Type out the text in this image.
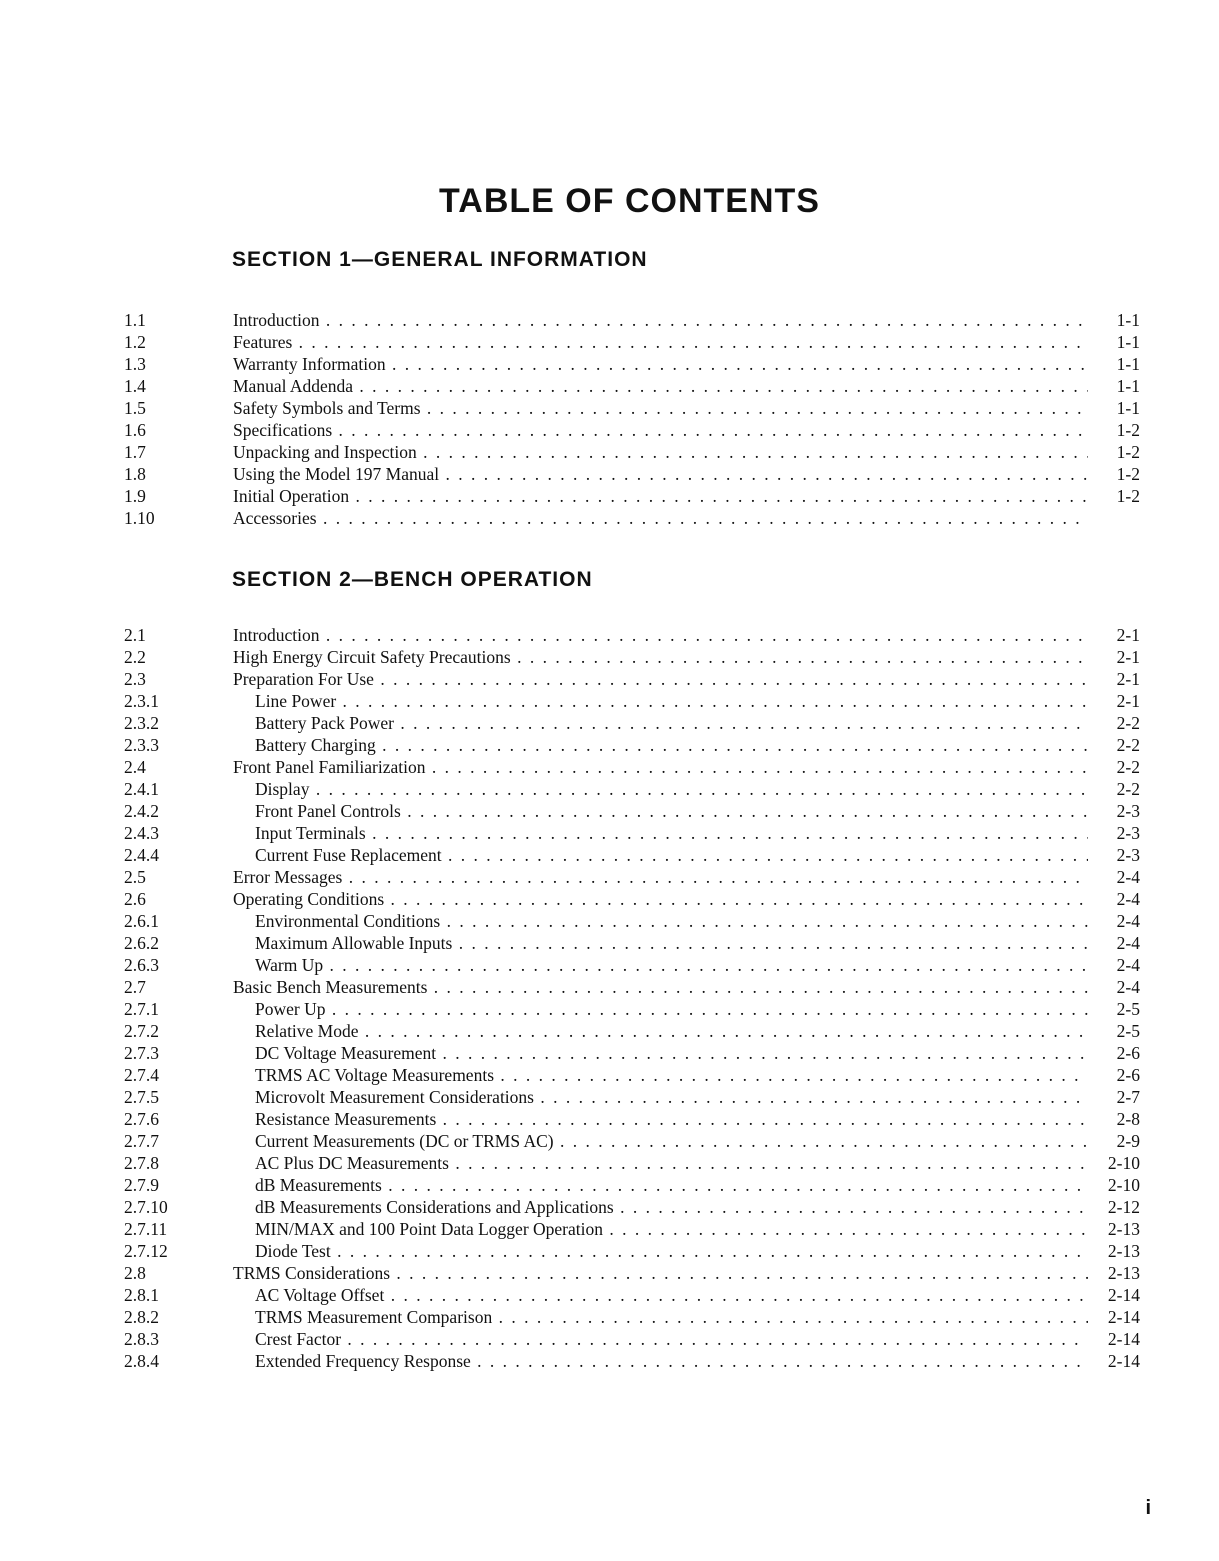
TABLE OF CONTENTS
SECTION 1—GENERAL INFORMATION
1.1	Introduction . . .	1-1
1.2	Features . . .	1-1
1.3	Warranty Information . . .	1-1
1.4	Manual Addenda . . .	1-1
1.5	Safety Symbols and Terms . . .	1-1
1.6	Specifications . . .	1-2
1.7	Unpacking and Inspection . . .	1-2
1.8	Using the Model 197 Manual . . .	1-2
1.9	Initial Operation . . .	1-2
1.10	Accessories . . .
SECTION 2—BENCH OPERATION
2.1	Introduction . . .	2-1
2.2	High Energy Circuit Safety Precautions . . .	2-1
2.3	Preparation For Use . . .	2-1
2.3.1	Line Power . . .	2-1
2.3.2	Battery Pack Power . . .	2-2
2.3.3	Battery Charging . . .	2-2
2.4	Front Panel Familiarization . . .	2-2
2.4.1	Display . . .	2-2
2.4.2	Front Panel Controls . . .	2-3
2.4.3	Input Terminals . . .	2-3
2.4.4	Current Fuse Replacement . . .	2-3
2.5	Error Messages . . .	2-4
2.6	Operating Conditions . . .	2-4
2.6.1	Environmental Conditions . . .	2-4
2.6.2	Maximum Allowable Inputs . . .	2-4
2.6.3	Warm Up . . .	2-4
2.7	Basic Bench Measurements . . .	2-4
2.7.1	Power Up . . .	2-5
2.7.2	Relative Mode . . .	2-5
2.7.3	DC Voltage Measurement . . .	2-6
2.7.4	TRMS AC Voltage Measurements . . .	2-6
2.7.5	Microvolt Measurement Considerations . . .	2-7
2.7.6	Resistance Measurements . . .	2-8
2.7.7	Current Measurements (DC or TRMS AC) . . .	2-9
2.7.8	AC Plus DC Measurements . . .	2-10
2.7.9	dB Measurements . . .	2-10
2.7.10	dB Measurements Considerations and Applications . . .	2-12
2.7.11	MIN/MAX and 100 Point Data Logger Operation . . .	2-13
2.7.12	Diode Test . . .	2-13
2.8	TRMS Considerations . . .	2-13
2.8.1	AC Voltage Offset . . .	2-14
2.8.2	TRMS Measurement Comparison . . .	2-14
2.8.3	Crest Factor . . .	2-14
2.8.4	Extended Frequency Response . . .	2-14
i
